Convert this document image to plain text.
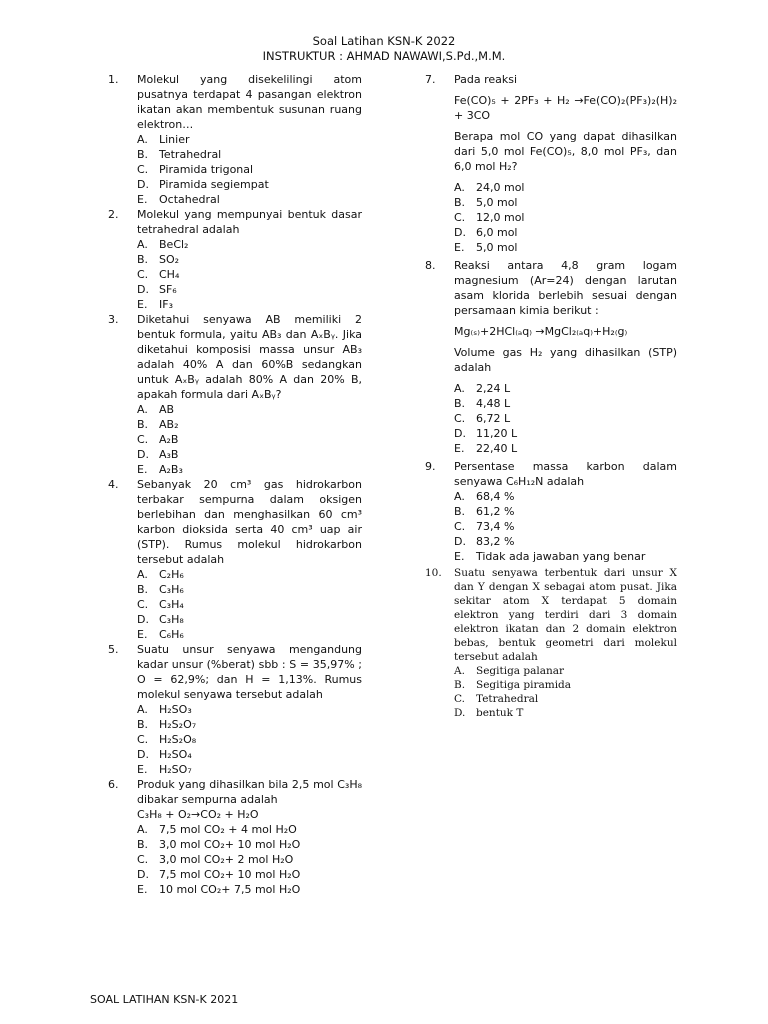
Soal Latihan KSN-K 2022
INSTRUKTUR : AHMAD NAWAWI,S.Pd.,M.M.
1. Molekul yang disekelilingi atom pusatnya terdapat 4 pasangan elektron ikatan akan membentuk susunan ruang elektron…
A.	Linier
B. Tetrahedral
C. Piramida trigonal
D. Piramida segiempat
E.	Octahedral
2. Molekul yang mempunyai bentuk dasar tetrahedral adalah
A.	BeCl₂
B. SO₂
C. CH₄
D. SF₆
E.	IF₃
3. Diketahui senyawa AB memiliki 2 bentuk formula, yaitu AB₃ dan AₓBᵧ. Jika diketahui komposisi massa unsur AB₃ adalah 40% A dan 60%B sedangkan untuk AₓBᵧ adalah 80% A dan 20% B, apakah formula dari AₓBᵧ?
A.	AB
B. AB₂
C. A₂B
D. A₃B
E.	A₂B₃
4. Sebanyak 20 cm³ gas hidrokarbon terbakar sempurna dalam oksigen berlebihan dan menghasilkan 60 cm³ karbon dioksida serta 40 cm³ uap air (STP). Rumus molekul hidrokarbon tersebut adalah
A.	C₂H₆
B. C₃H₆
C. C₃H₄
D. C₃H₈
E.	C₆H₆
5. Suatu unsur senyawa mengandung kadar unsur (%berat) sbb : S = 35,97% ; O = 62,9%; dan H = 1,13%. Rumus molekul senyawa tersebut adalah
A.	H₂SO₃
B. H₂S₂O₇
C. H₂S₂O₈
D. H₂SO₄
E.	H₂SO₇
6. Produk yang dihasilkan bila 2,5 mol C₃H₈ dibakar sempurna adalah
C₃H₈ + O₂→CO₂ + H₂O
A.	7,5 mol CO₂ + 4 mol H₂O
B. 3,0 mol CO₂+ 10 mol H₂O
C. 3,0 mol CO₂+ 2 mol H₂O
D. 7,5 mol CO₂+ 10 mol H₂O
E.	10 mol CO₂+ 7,5 mol H₂O
7. Pada reaksi
Fe(CO)₅ + 2PF₃ + H₂ →Fe(CO)₂(PF₃)₂(H)₂ + 3CO
Berapa mol CO yang dapat dihasilkan dari 5,0 mol Fe(CO)₅, 8,0 mol PF₃, dan 6,0 mol H₂?
A.	24,0 mol
B. 5,0 mol
C. 12,0 mol
D. 6,0 mol
E.	5,0 mol
8. Reaksi antara 4,8 gram logam magnesium (Ar=24) dengan larutan asam klorida berlebih sesuai dengan persamaan kimia berikut :
Mg₍ₛ₎+2HCl₍ₐq₎ →MgCl₂₍ₐq₎+H₂₍g₎
Volume gas H₂ yang dihasilkan (STP) adalah
A.	2,24 L
B. 4,48 L
C. 6,72 L
D. 11,20 L
E.	22,40 L
9. Persentase massa karbon dalam senyawa C₆H₁₂N adalah
A.	68,4 %
B. 61,2 %
C. 73,4 %
D. 83,2 %
E.	Tidak ada jawaban yang benar
10. Suatu senyawa terbentuk dari unsur X dan Y dengan X sebagai atom pusat. Jika sekitar atom X terdapat 5 domain elektron yang terdiri dari 3 domain elektron ikatan dan 2 domain elektron bebas, bentuk geometri dari molekul tersebut adalah
A.	Segitiga palanar
B.	Segitiga piramida
C.	Tetrahedral
D.	bentuk T
SOAL LATIHAN KSN-K 2021
